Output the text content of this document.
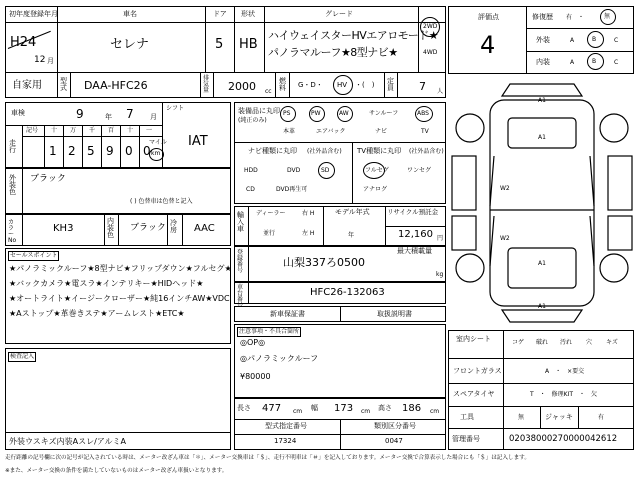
初年度登録年月	車名	ドア 形状	グレード
H24
12 月
セレナ	5 HB
ハイウェイスターHVエアロモード★
パノラマルーフ★8型ナビ★
2WD
4WD
自家用	型式 DAA-HFC26
排気量 2000 cc
燃料 G・D・ HV ・(　) 定員 7 人
車検	9	年 7 月
シフト
IAT
走行
記号 十 万 千 百 十 一
1 2 5 9 0 0
マイル
km
外装色
ブラック
( ) 色替車は色替と記入
カラーNo
KH3
内装色
ブラック 冷房 AAC
セールスポイント
★パノラミックルーフ★8型ナビ★フリップダウン★フルセグ★
★バックカメラ★電スラ★インテリキー★HIDヘッド★
★オートライト★イージークローザー★純16インチAW★VDC
★Aストップ★革巻きステ★アームレスト★ETC★
検査記入
外装ウスキズ内装Aスレ/アルミA
装備品に丸印
(純正のみ)
PS	PW	AW	サンルーフ	ABS
本革	エアバック	ナビ	TV
ナビ種類に丸印 (社外品含む) TV種類に丸印 (社外品含む)
HDD	DVD	SD
CD	DVD再生可
フルセグ	ワンセグ
アナログ
輸入車
ディーラー	右 H
並行	左 H
モデル年式
年
リサイクル預託金
12,160 円
登録番号
最大積載量
山梨337ろ0500
kg
車台番
HFC26-132063
新車保証書	取扱説明書
注意事項・不具合箇所
◎OP◎
◎パノラミックルーフ
¥80000
長さ 477 cm 幅 173 cm 高さ 186 cm
型式指定番号	類別区分番号
17324	0047
評価点
4
修復歴 有　・	無
外装	A	B	C
内装	A	B	C
A1
A1
W2
W2
A1
A1
室内シート	コゲ 破れ 汚れ 穴 キズ
フロントガラス	A　・　×要交
スペアタイヤ	T　・　修理KIT　・　欠
工具	無	ジャッキ	有
管理番号	02038000270000042612
走行距離の記号欄に次の記号が記入されている時は、メーター改ざん車は「＊」、メーター交換車は「＄」、走行不明車は「＃」を記入しております。メーター交換で合算表示した場合にも「＄」は記入します。
※また、メーター交換の条件を満たしていないものはメーター改ざん車扱いとなります。
